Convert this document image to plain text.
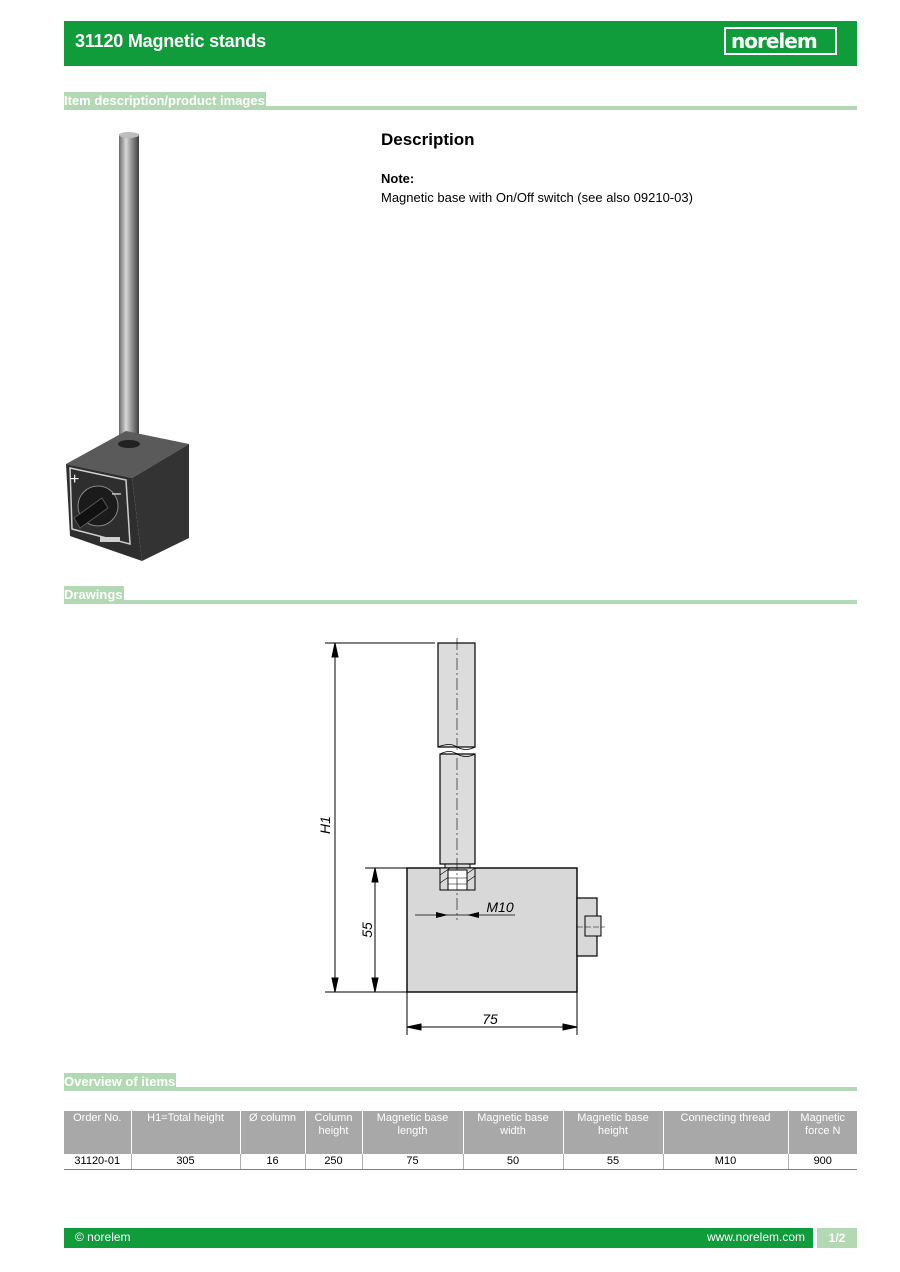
31120 Magnetic stands	norelem
Item description/product images
+
–
Description
Note:
Magnetic base with On/Off switch (see also 09210-03)
Drawings
H1
55
75
M10
Overview of items
Order No.	H1=Total height	Ø column	Column height	Magnetic base length	Magnetic base width	Magnetic base height	Connecting thread	Magnetic force N
31120-01	305	16	250	75	50	55	M10	900
© norelem	www.norelem.com	1/2
